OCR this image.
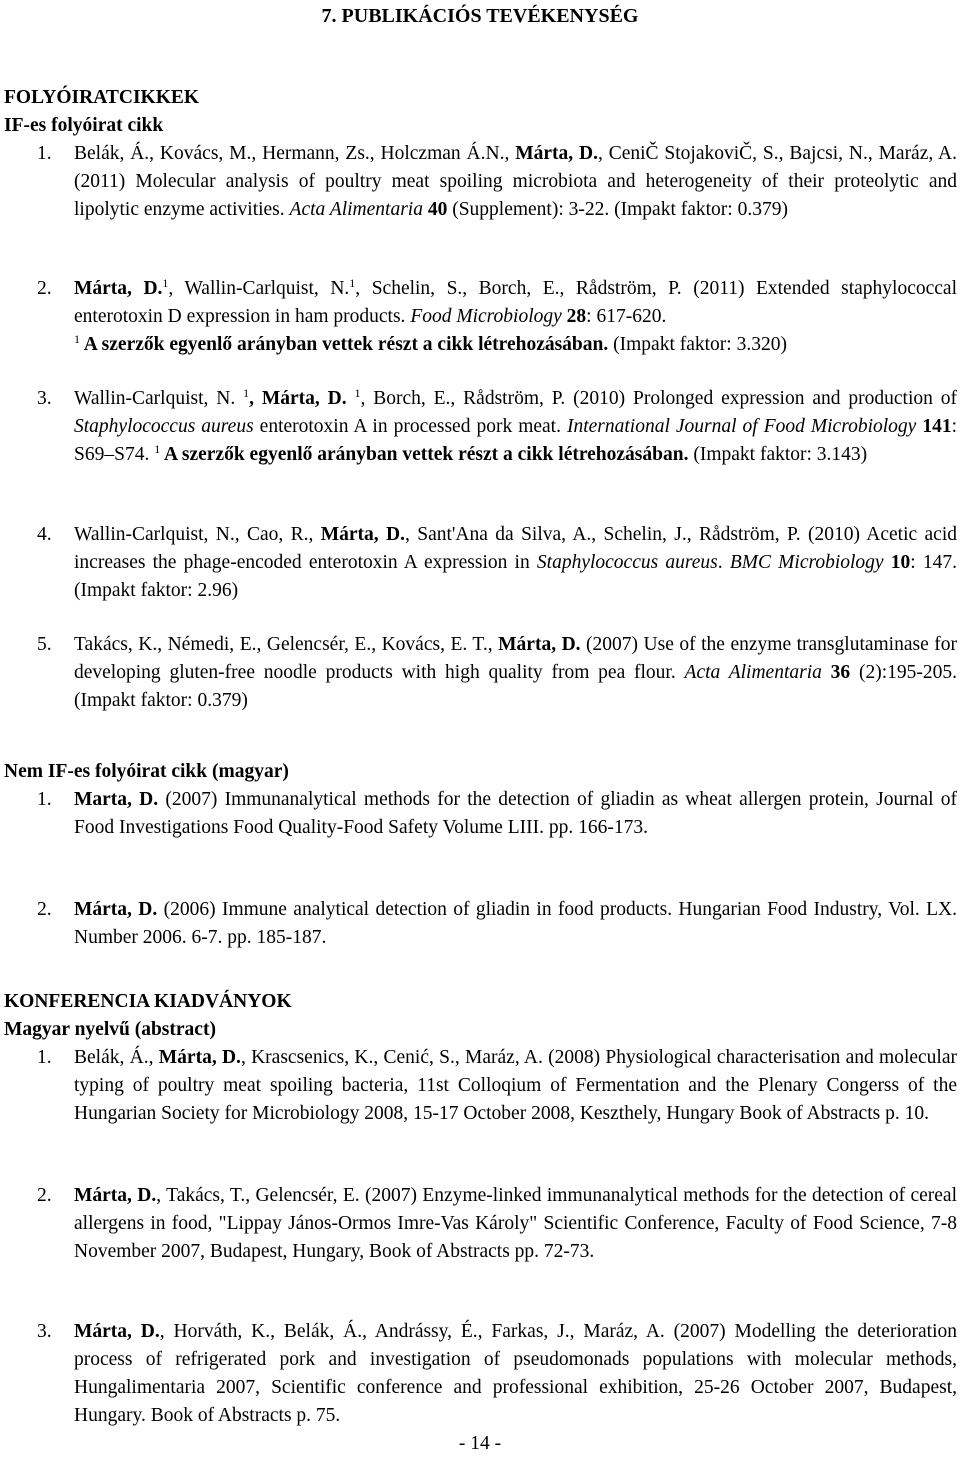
7. PUBLIKÁCIÓS TEVÉKENYSÉG
FOLYÓIRATCIKKEK
IF-es folyóirat cikk
1. Belák, Á., Kovács, M., Hermann, Zs., Holczman Á.N., Márta, D., CeniČ StojakoviČ, S., Bajcsi, N., Maráz, A. (2011) Molecular analysis of poultry meat spoiling microbiota and heterogeneity of their proteolytic and lipolytic enzyme activities. Acta Alimentaria 40 (Supplement): 3-22. (Impakt faktor: 0.379)
2. Márta, D.$^1$, Wallin-Carlquist, N.$^1$, Schelin, S., Borch, E., Rådström, P. (2011) Extended staphylococcal enterotoxin D expression in ham products. Food Microbiology 28: 617-620.
$^1$ A szerzők egyenlő arányban vettek részt a cikk létrehozásában. (Impakt faktor: 3.320)
3. Wallin-Carlquist, N. $^1$, Márta, D. $^1$, Borch, E., Rådström, P. (2010) Prolonged expression and production of Staphylococcus aureus enterotoxin A in processed pork meat. International Journal of Food Microbiology 141: S69–S74. $^1$ A szerzők egyenlő arányban vettek részt a cikk létrehozásában. (Impakt faktor: 3.143)
4. Wallin-Carlquist, N., Cao, R., Márta, D., Sant'Ana da Silva, A., Schelin, J., Rådström, P. (2010) Acetic acid increases the phage-encoded enterotoxin A expression in Staphylococcus aureus. BMC Microbiology 10: 147. (Impakt faktor: 2.96)
5. Takács, K., Némedi, E., Gelencsér, E., Kovács, E. T., Márta, D. (2007) Use of the enzyme transglutaminase for developing gluten-free noodle products with high quality from pea flour. Acta Alimentaria 36 (2):195-205. (Impakt faktor: 0.379)
Nem IF-es folyóirat cikk (magyar)
1. Marta, D. (2007) Immunanalytical methods for the detection of gliadin as wheat allergen protein, Journal of Food Investigations Food Quality-Food Safety Volume LIII. pp. 166-173.
2. Márta, D. (2006) Immune analytical detection of gliadin in food products. Hungarian Food Industry, Vol. LX. Number 2006. 6-7. pp. 185-187.
KONFERENCIA KIADVÁNYOK
Magyar nyelvű (abstract)
1. Belák, Á., Márta, D., Krascsenics, K., Cenić, S., Maráz, A. (2008) Physiological characterisation and molecular typing of poultry meat spoiling bacteria, 11st Colloqium of Fermentation and the Plenary Congerss of the Hungarian Society for Microbiology 2008, 15-17 October 2008, Keszthely, Hungary Book of Abstracts p. 10.
2. Márta, D., Takács, T., Gelencsér, E. (2007) Enzyme-linked immunanalytical methods for the detection of cereal allergens in food, "Lippay János-Ormos Imre-Vas Károly" Scientific Conference, Faculty of Food Science, 7-8 November 2007, Budapest, Hungary, Book of Abstracts pp. 72-73.
3. Márta, D., Horváth, K., Belák, Á., Andrássy, É., Farkas, J., Maráz, A. (2007) Modelling the deterioration process of refrigerated pork and investigation of pseudomonads populations with molecular methods, Hungalimentaria 2007, Scientific conference and professional exhibition, 25-26 October 2007, Budapest, Hungary. Book of Abstracts p. 75.
- 14 -
